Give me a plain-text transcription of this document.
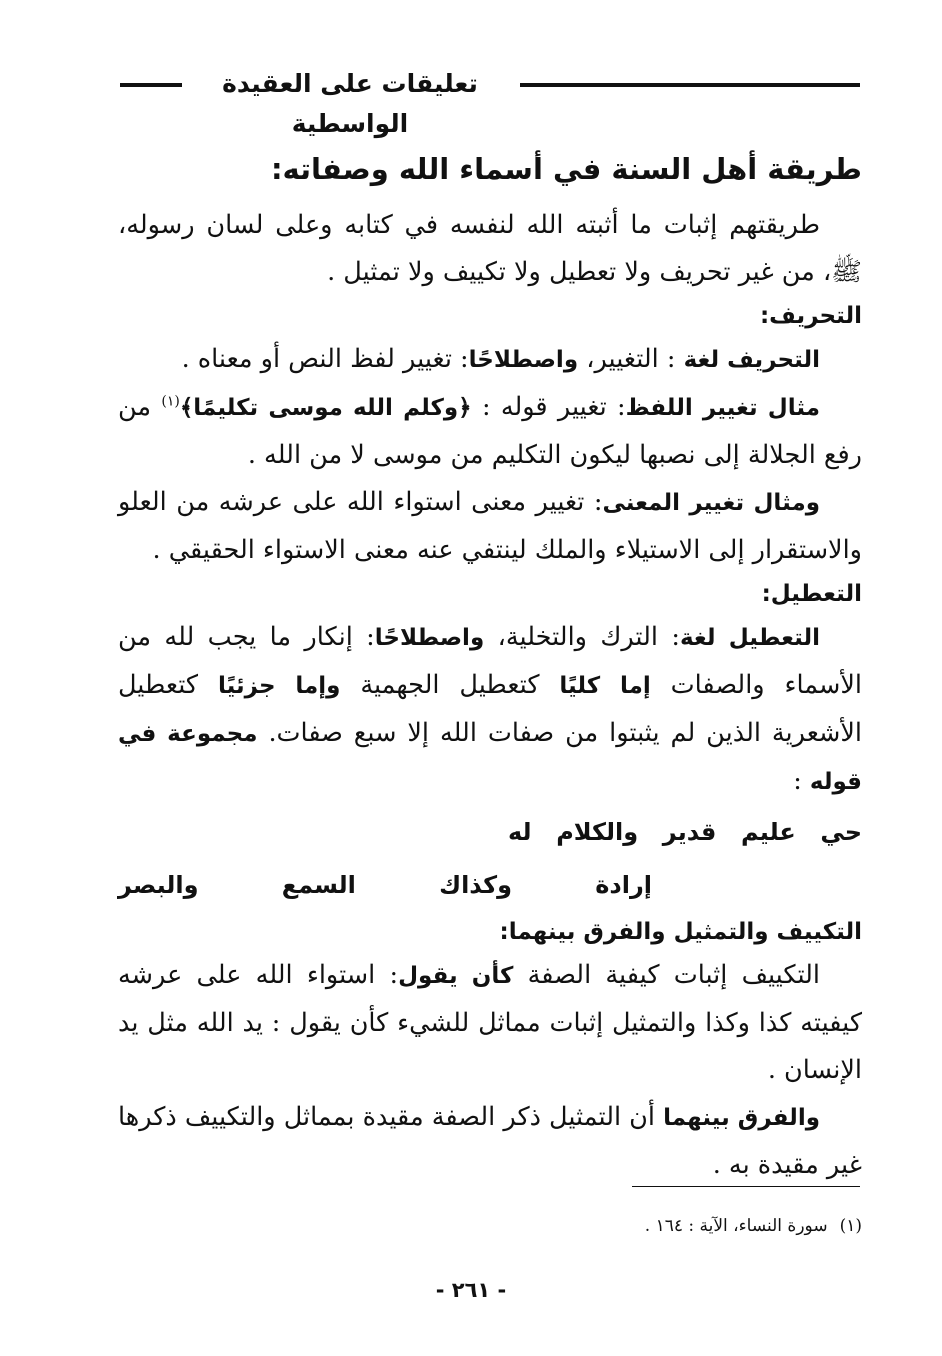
تعليقات على العقيدة الواسطية
طريقة أهل السنة في أسماء الله وصفاته:

طريقتهم إثبات ما أثبته الله لنفسه في كتابه وعلى لسان رسوله، ﷺ، من غير تحريف ولا تعطيل ولا تكييف ولا تمثيل .

التحريف:

التحريف لغة : التغيير، واصطلاحًا: تغيير لفظ النص أو معناه .

مثال تغيير اللفظ: تغيير قوله : ﴿وكلم الله موسى تكليمًا﴾$^{(١)}$ من رفع الجلالة إلى نصبها ليكون التكليم من موسى لا من الله .

ومثال تغيير المعنى: تغيير معنى استواء الله على عرشه من العلو والاستقرار إلى الاستيلاء والملك لينتفي عنه معنى الاستواء الحقيقي .

التعطيل:

التعطيل لغة: الترك والتخلية، واصطلاحًا: إنكار ما يجب لله من الأسماء والصفات إما كليًا كتعطيل الجهمية وإما جزئيًا كتعطيل الأشعرية الذين لم يثبتوا من صفات الله إلا سبع صفات. مجموعة في قوله :

حي
عليم
قدير
والكلام
له
إرادة
وكذاك
السمع
والبصر
التكييف والتمثيل والفرق بينهما:

التكييف إثبات كيفية الصفة كأن يقول: استواء الله على عرشه كيفيته كذا وكذا والتمثيل إثبات مماثل للشيء كأن يقول : يد الله مثل يد الإنسان .

والفرق بينهما أن التمثيل ذكر الصفة مقيدة بمماثل والتكييف ذكرها غير مقيدة به .

(١)سورة النساء، الآية : ١٦٤ .
- ٢٦١ -
